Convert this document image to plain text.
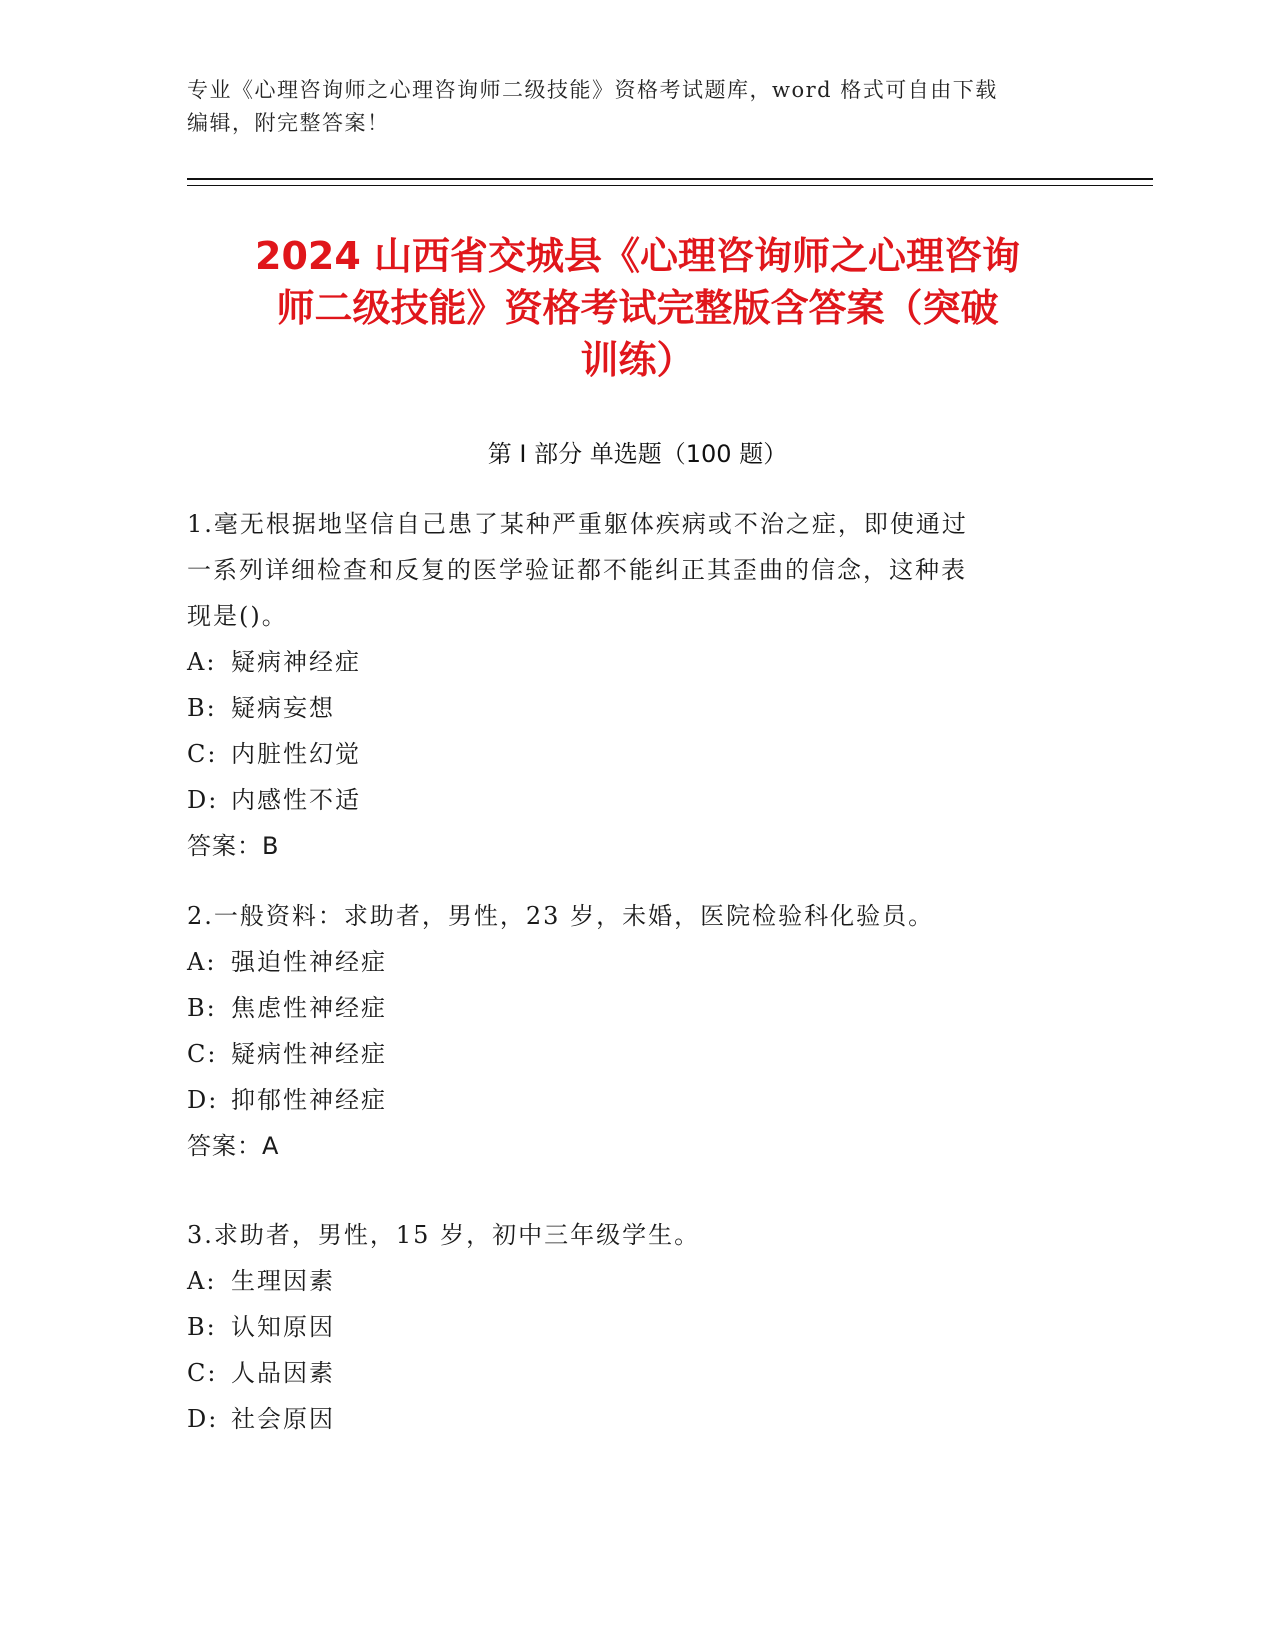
专业《心理咨询师之心理咨询师二级技能》资格考试题库，word 格式可自由下载
编辑，附完整答案！
2024 山西省交城县《心理咨询师之心理咨询
师二级技能》资格考试完整版含答案（突破
训练）
第 I 部分 单选题（100 题）

1.毫无根据地坚信自己患了某种严重躯体疾病或不治之症，即使通过

一系列详细检查和反复的医学验证都不能纠正其歪曲的信念，这种表

现是()。

A: 疑病神经症

B: 疑病妄想

C: 内脏性幻觉

D: 内感性不适

答案：B

2.一般资料：求助者，男性，23 岁，未婚，医院检验科化验员。

A: 强迫性神经症

B: 焦虑性神经症

C: 疑病性神经症

D: 抑郁性神经症

答案：A

3.求助者，男性，15 岁，初中三年级学生。

A: 生理因素

B: 认知原因

C: 人品因素

D: 社会原因
